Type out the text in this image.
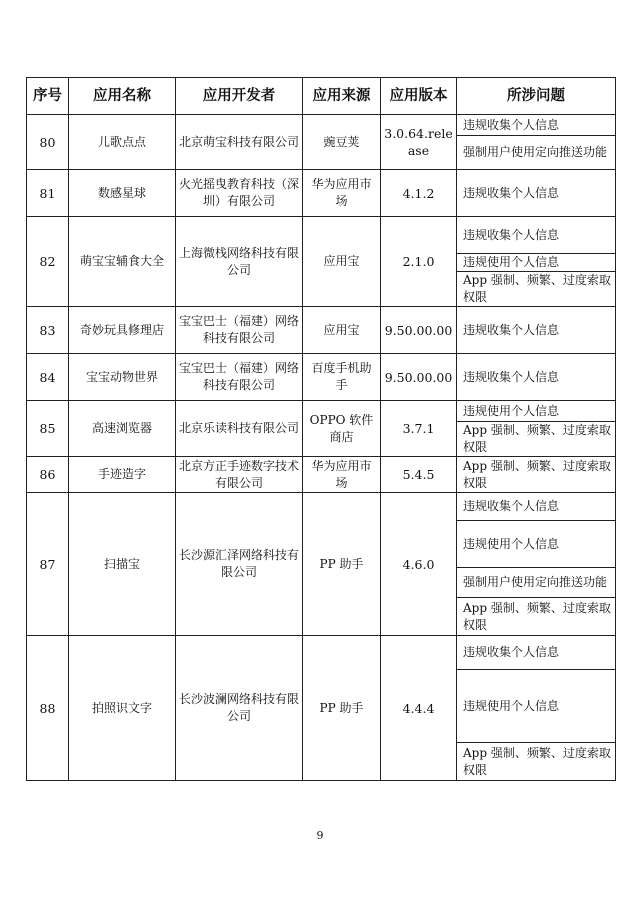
序号	应用名称	应用开发者	应用来源	应用版本	所涉问题
80	儿歌点点	北京萌宝科技有限公司	豌豆荚	3.0.64.release	违规收集个人信息
					强制用户使用定向推送功能
81	数感星球	火光摇曳教育科技（深圳）有限公司	华为应用市场	4.1.2	违规收集个人信息
82	萌宝宝辅食大全	上海微栈网络科技有限公司	应用宝	2.1.0	违规收集个人信息
					违规使用个人信息
					App 强制、频繁、过度索取权限
83	奇妙玩具修理店	宝宝巴士（福建）网络科技有限公司	应用宝	9.50.00.00	违规收集个人信息
84	宝宝动物世界	宝宝巴士（福建）网络科技有限公司	百度手机助手	9.50.00.00	违规收集个人信息
85	高速浏览器	北京乐读科技有限公司	OPPO 软件商店	3.7.1	违规使用个人信息
					App 强制、频繁、过度索取权限
86	手迹造字	北京方正手迹数字技术有限公司	华为应用市场	5.4.5	App 强制、频繁、过度索取权限
87	扫描宝	长沙源汇泽网络科技有限公司	PP 助手	4.6.0	违规收集个人信息
					违规使用个人信息
					强制用户使用定向推送功能
					App 强制、频繁、过度索取权限
88	拍照识文字	长沙波澜网络科技有限公司	PP 助手	4.4.4	违规收集个人信息
					违规使用个人信息
					App 强制、频繁、过度索取权限
9
